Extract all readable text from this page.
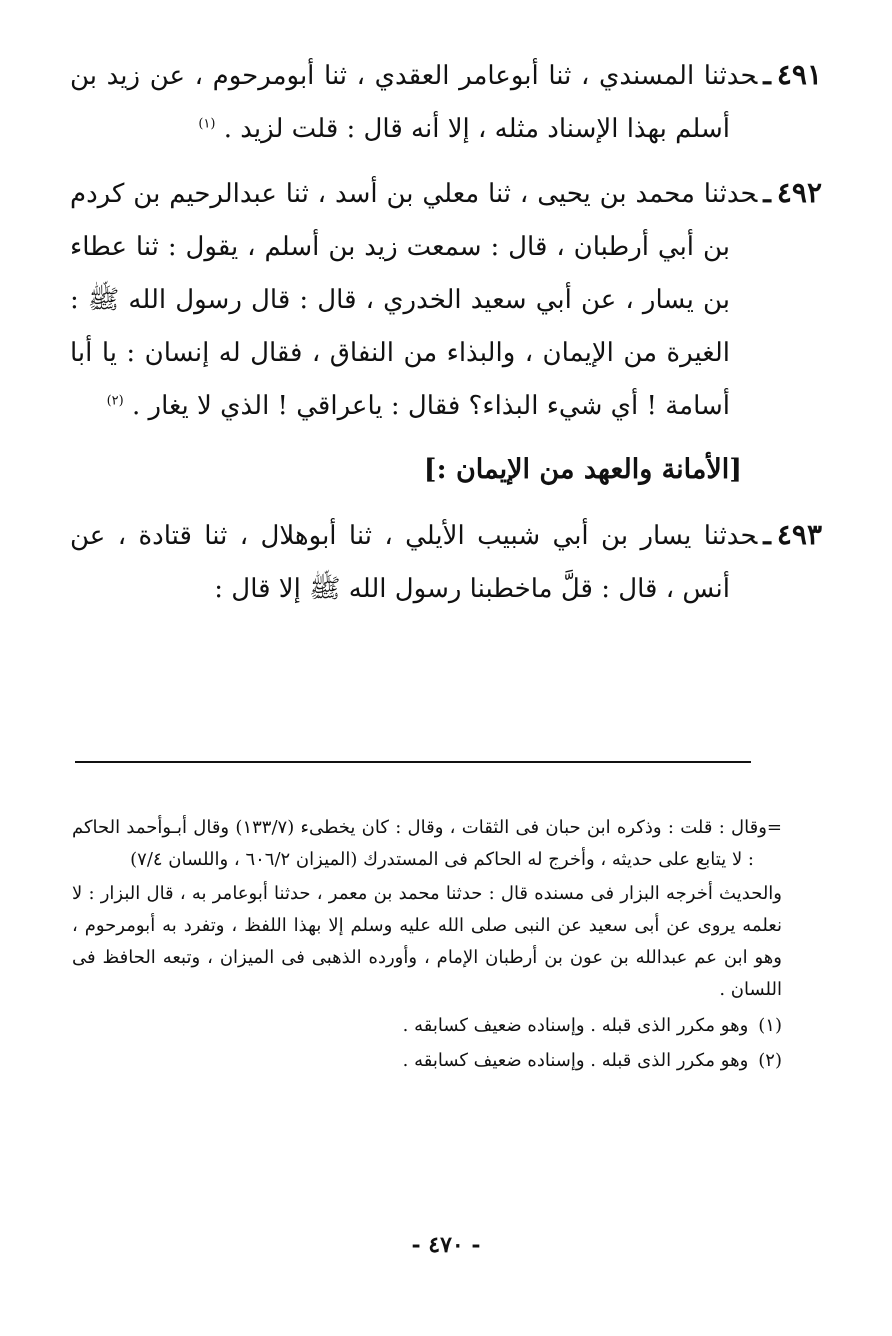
٤٩١ـحدثنا المسندي ، ثنا أبوعامر العقدي ، ثنا أبومرحوم ، عن زيد بن أسلم بهذا الإسناد مثله ، إلا أنه قال : قلت لزيد . $^{(١)}$

٤٩٢ـحدثنا محمد بن يحيى ، ثنا معلي بن أسد ، ثنا عبدالرحيم بن كردم بن أبي أرطبان ، قال : سمعت زيد بن أسلم ، يقول : ثنا عطاء بن يسار ، عن أبي سعيد الخدري ، قال : قال رسول الله ﷺ : الغيرة من الإيمان ، والبذاء من النفاق ، فقال له إنسان : يا أبا أسامة ! أي شيء البذاء؟ فقال : ياعراقي ! الذي لا يغار . $^{(٢)}$

[الأمانة والعهد من الإيمان :]

٤٩٣ـحدثنا يسار بن أبي شبيب الأيلي ، ثنا أبوهلال ، ثنا قتادة ، عن أنس ، قال : قلَّ ماخطبنا رسول الله ﷺ إلا قال :

=وقال : قلت : وذكره ابن حبان فى الثقات ، وقال : كان يخطىء (١٣٣/٧) وقال أبـوأحمد الحاكم : لا يتابع على حديثه ، وأخرج له الحاكم فى المستدرك (الميزان ٦٠٦/٢ ، واللسان ٧/٤)

والحديث أخرجه البزار فى مسنده قال : حدثنا محمد بن معمر ، حدثنا أبوعامر به ، قال البزار : لا نعلمه يروى عن أبى سعيد عن النبى صلى الله عليه وسلم إلا بهذا اللفظ ، وتفرد به أبومرحوم ، وهو ابن عم عبدالله بن عون بن أرطبان الإمام ، وأورده الذهبى فى الميزان ، وتبعه الحافظ فى اللسان .

(١)وهو مكرر الذى قبله . وإسناده ضعيف كسابقه .

(٢)وهو مكرر الذى قبله . وإسناده ضعيف كسابقه .

- ٤٧٠ -
